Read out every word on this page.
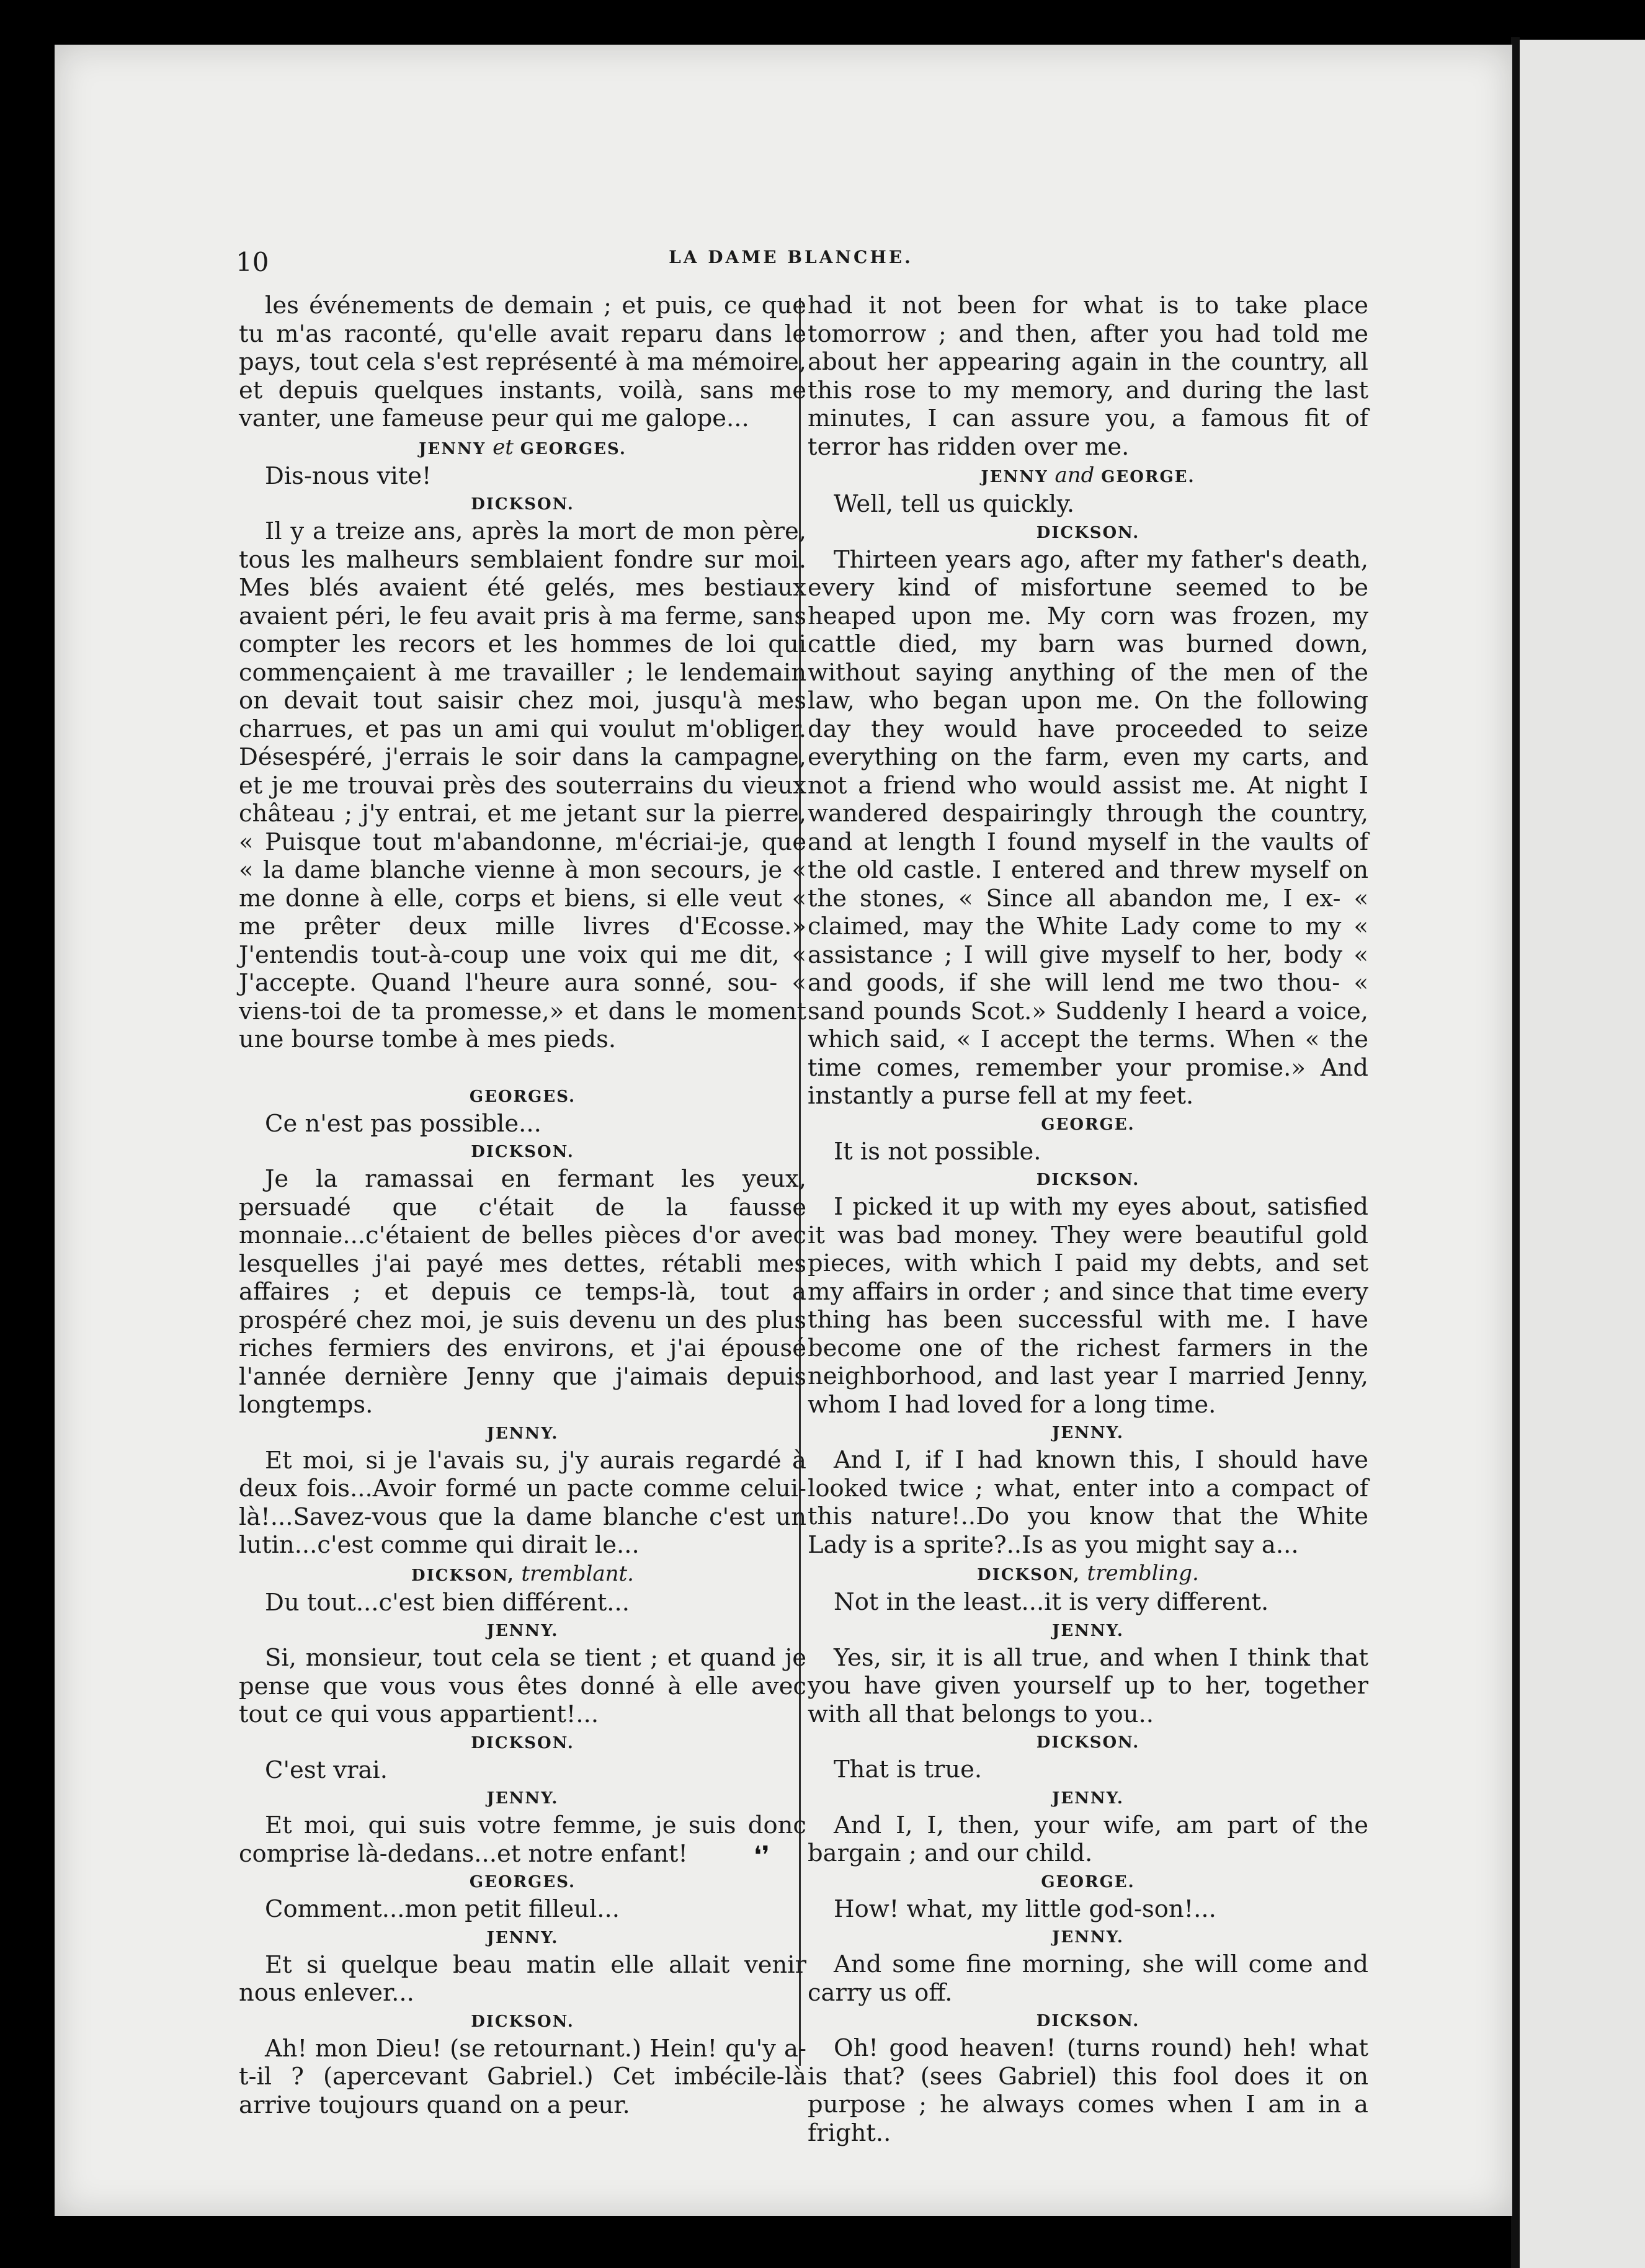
10	LA DAME BLANCHE.

les événements de demain ; et puis, ce que tu m'as raconté, qu'elle avait reparu dans le pays, tout cela s'est représenté à ma mémoire, et depuis quelques instants, voilà, sans me vanter, une fameuse peur qui me galope...

JENNY et GEORGES.

Dis-nous vite!

DICKSON.

Il y a treize ans, après la mort de mon père, tous les malheurs semblaient fondre sur moi. Mes blés avaient été gelés, mes bestiaux avaient péri, le feu avait pris à ma ferme, sans compter les recors et les hommes de loi qui commençaient à me travailler ; le lendemain on devait tout saisir chez moi, jusqu'à mes charrues, et pas un ami qui voulut m'obliger. Désespéré, j'errais le soir dans la campagne, et je me trouvai près des souterrains du vieux château ; j'y entrai, et me jetant sur la pierre, « Puisque tout m'abandonne, m'écriai-je, que « la dame blanche vienne à mon secours, je « me donne à elle, corps et biens, si elle veut « me prêter deux mille livres d'Ecosse.» J'entendis tout-à-coup une voix qui me dit, « J'accepte. Quand l'heure aura sonné, sou- « viens-toi de ta promesse,» et dans le moment une bourse tombe à mes pieds.

GEORGES.

Ce n'est pas possible...

DICKSON.

Je la ramassai en fermant les yeux, persuadé que c'était de la fausse monnaie...c'étaient de belles pièces d'or avec lesquelles j'ai payé mes dettes, rétabli mes affaires ; et depuis ce temps-là, tout a prospéré chez moi, je suis devenu un des plus riches fermiers des environs, et j'ai épousé l'année dernière Jenny que j'aimais depuis longtemps.

JENNY.

Et moi, si je l'avais su, j'y aurais regardé à deux fois...Avoir formé un pacte comme celui-là!...Savez-vous que la dame blanche c'est un lutin...c'est comme qui dirait le...

DICKSON, tremblant.

Du tout...c'est bien différent...

JENNY.

Si, monsieur, tout cela se tient ; et quand je pense que vous vous êtes donné à elle avec tout ce qui vous appartient!...

DICKSON.

C'est vrai.

JENNY.

Et moi, qui suis votre femme, je suis donc comprise là-dedans...et notre enfant!

GEORGES.

Comment...mon petit filleul...

JENNY.

Et si quelque beau matin elle allait venir nous enlever...

DICKSON.

Ah! mon Dieu! (se retournant.) Hein! qu'y a-t-il ? (apercevant Gabriel.) Cet imbécile-là arrive toujours quand on a peur.

had it not been for what is to take place tomorrow ; and then, after you had told me about her appearing again in the country, all this rose to my memory, and during the last minutes, I can assure you, a famous fit of terror has ridden over me.

JENNY and GEORGE.

Well, tell us quickly.

DICKSON.

Thirteen years ago, after my father's death, every kind of misfortune seemed to be heaped upon me. My corn was frozen, my cattle died, my barn was burned down, without saying anything of the men of the law, who began upon me. On the following day they would have proceeded to seize everything on the farm, even my carts, and not a friend who would assist me. At night I wandered despairingly through the country, and at length I found myself in the vaults of the old castle. I entered and threw myself on the stones, « Since all abandon me, I ex- « claimed, may the White Lady come to my « assistance ; I will give myself to her, body « and goods, if she will lend me two thou- « sand pounds Scot.» Suddenly I heard a voice, which said, « I accept the terms. When « the time comes, remember your promise.» And instantly a purse fell at my feet.

GEORGE.

It is not possible.

DICKSON.

I picked it up with my eyes about, satisfied it was bad money. They were beautiful gold pieces, with which I paid my debts, and set my affairs in order ; and since that time every thing has been successful with me. I have become one of the richest farmers in the neighborhood, and last year I married Jenny, whom I had loved for a long time.

JENNY.

And I, if I had known this, I should have looked twice ; what, enter into a compact of this nature!..Do you know that the White Lady is a sprite?..Is as you might say a...

DICKSON, trembling.

Not in the least...it is very different.

JENNY.

Yes, sir, it is all true, and when I think that you have given yourself up to her, together with all that belongs to you..

DICKSON.

That is true.

JENNY.

And I, I, then, your wife, am part of the bargain ; and our child.

GEORGE.

How! what, my little god-son!...

JENNY.

And some fine morning, she will come and carry us off.

DICKSON.

Oh! good heaven! (turns round) heh! what is that? (sees Gabriel) this fool does it on purpose ; he always comes when I am in a fright..

❛❜
